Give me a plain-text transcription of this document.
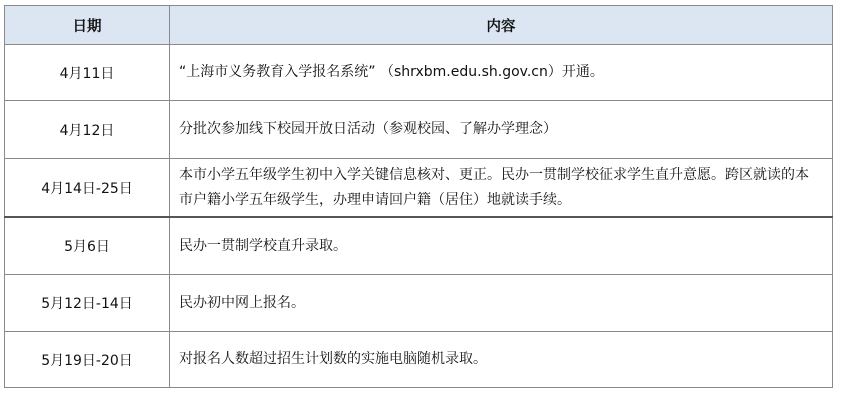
日期	内容
4月11日	“上海市义务教育入学报名系统” （shrxbm.edu.sh.gov.cn）开通。
4月12日	分批次参加线下校园开放日活动（参观校园、了解办学理念）
4月14日-25日	本市小学五年级学生初中入学关键信息核对、更正。民办一贯制学校征求学生直升意愿。跨区就读的本市户籍小学五年级学生，办理申请回户籍（居住）地就读手续。
5月6日	民办一贯制学校直升录取。
5月12日-14日	民办初中网上报名。
5月19日-20日	对报名人数超过招生计划数的实施电脑随机录取。
